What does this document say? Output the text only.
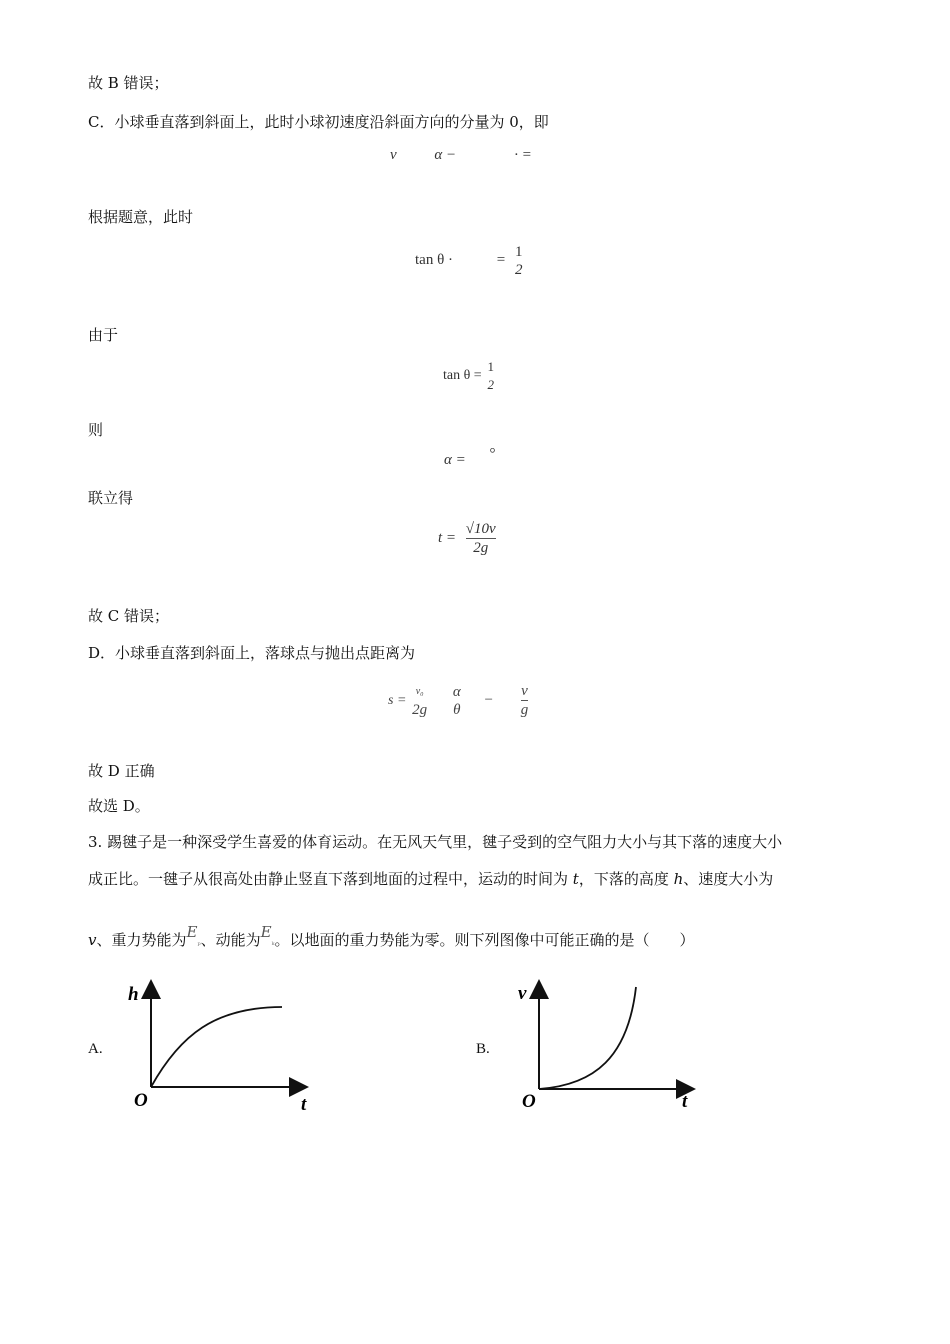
故 B 错误；
C．小球垂直落到斜面上，此时小球初速度沿斜面方向的分量为 0，即
v	α −	· =
根据题意，此时
tan θ ·	=
1
2
由于
tan θ =
1
2
则
α = °
联立得
$t = \frac{√10v}{2g}$
故 C 错误；
D．小球垂直落到斜面上，落球点与抛出点距离为
s =
v₀
2g

α
θ
− $\frac{v}{g}$
故 D 正确
故选 D。
3. 踢毽子是一种深受学生喜爱的体育运动。在无风天气里，毽子受到的空气阻力大小与其下落的速度大小
成正比。一毽子从很高处由静止竖直下落到地面的过程中，运动的时间为 t，下落的高度 h、速度大小为
v、重力势能为Eₚ、动能为Eₖ。以地面的重力势能为零。则下列图像中可能正确的是（　　）
A.
h
t
O
B.
v
t
O
